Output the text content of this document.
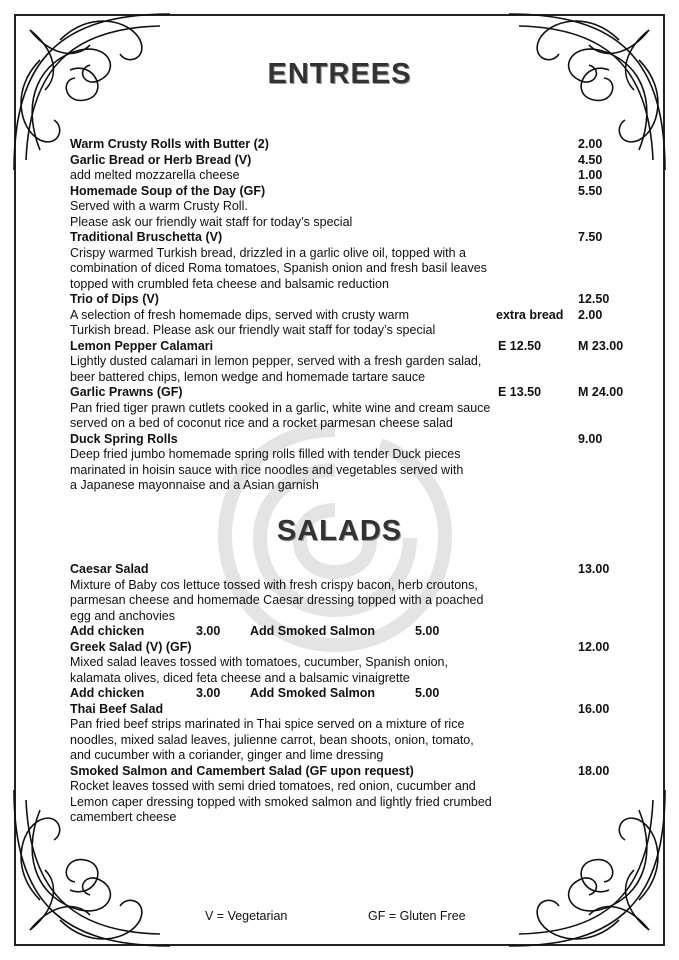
ENTREES
Warm Crusty Rolls with Butter (2)	2.00
Garlic Bread or Herb Bread (V)	4.50
add melted mozzarella cheese	1.00
Homemade Soup of the Day (GF)	5.50
Served with a warm Crusty Roll.
Please ask our friendly wait staff for today’s special
Traditional Bruschetta (V)	7.50
Crispy warmed Turkish bread, drizzled in a garlic olive oil, topped with a
combination of diced Roma tomatoes, Spanish onion and fresh basil leaves
topped with crumbled feta cheese and balsamic reduction
Trio of Dips (V)	12.50
A selection of fresh homemade dips, served with crusty warm	extra bread 2.00
Turkish bread. Please ask our friendly wait staff for today’s special
Lemon Pepper Calamari	E 12.50	M 23.00
Lightly dusted calamari in lemon pepper, served with a fresh garden salad,
beer battered chips, lemon wedge and homemade tartare sauce
Garlic Prawns (GF)	E 13.50	M 24.00
Pan fried tiger prawn cutlets cooked in a garlic, white wine and cream sauce
served on a bed of coconut rice and a rocket parmesan cheese salad
Duck Spring Rolls	9.00
Deep fried jumbo homemade spring rolls filled with tender Duck pieces
marinated in hoisin sauce with rice noodles and vegetables served with
a Japanese mayonnaise and a Asian garnish
SALADS
Caesar Salad	13.00
Mixture of Baby cos lettuce tossed with fresh crispy bacon, herb croutons,
parmesan cheese and homemade Caesar dressing topped with a poached
egg and anchovies
Add chicken	3.00 Add Smoked Salmon	5.00
Greek Salad (V) (GF)	12.00
Mixed salad leaves tossed with tomatoes, cucumber, Spanish onion,
kalamata olives, diced feta cheese and a balsamic vinaigrette
Add chicken	3.00 Add Smoked Salmon	5.00
Thai Beef Salad	16.00
Pan fried beef strips marinated in Thai spice served on a mixture of rice
noodles, mixed salad leaves, julienne carrot, bean shoots, onion, tomato,
and cucumber with a coriander, ginger and lime dressing
Smoked Salmon and Camembert Salad (GF upon request)	18.00
Rocket leaves tossed with semi dried tomatoes, red onion, cucumber and
Lemon caper dressing topped with smoked salmon and lightly fried crumbed
camembert cheese
V = Vegetarian	GF = Gluten Free
